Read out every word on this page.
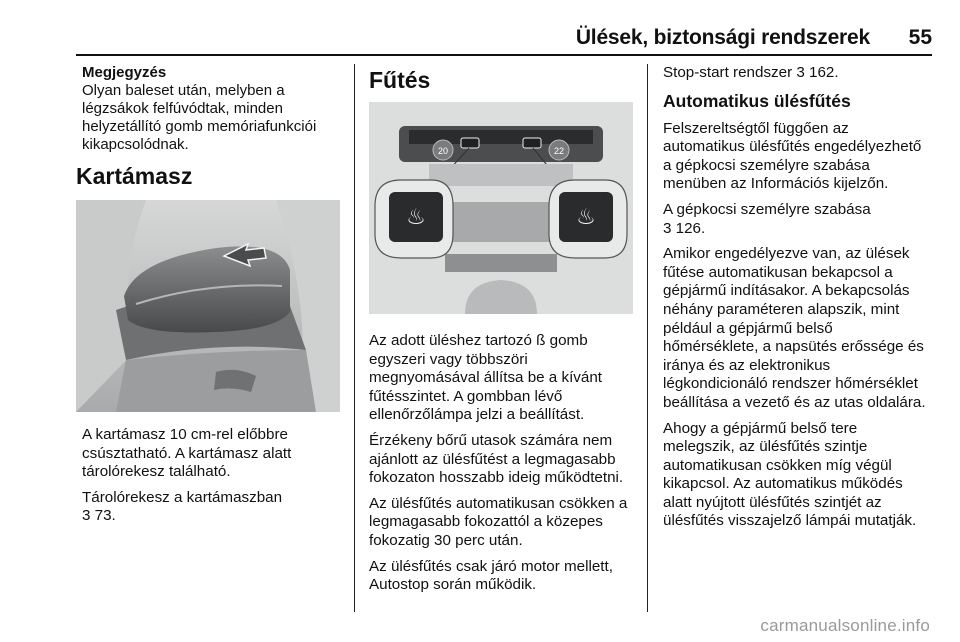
Ülések, biztonsági rendszerek 55
Megjegyzés

Olyan baleset után, melyben a légzsákok felfúvódtak, minden helyzetállító gomb memóriafunkciói kikapcsolódnak.

Kartámasz

A kartámasz 10 cm-rel előbbre csúsztatható. A kartámasz alatt tárolórekesz található.

Tárolórekesz a kartámaszban
3 73.

Fűtés
20	22
♨	♨

Az adott üléshez tartozó ß gomb egyszeri vagy többszöri megnyomásával állítsa be a kívánt fűtésszintet. A gombban lévő ellenőrzőlámpa jelzi a beállítást.

Érzékeny bőrű utasok számára nem ajánlott az ülésfűtést a legmagasabb fokozaton hosszabb ideig működtetni.

Az ülésfűtés automatikusan csökken a legmagasabb fokozattól a közepes fokozatig 30 perc után.

Az ülésfűtés csak járó motor mellett, Autostop során működik.

Stop-start rendszer 3 162.

Automatikus ülésfűtés

Felszereltségtől függően az automatikus ülésfűtés engedélyezhető a gépkocsi személyre szabása menüben az Információs kijelzőn.

A gépkocsi személyre szabása
3 126.

Amikor engedélyezve van, az ülések fűtése automatikusan bekapcsol a gépjármű indításakor. A bekapcsolás néhány paraméteren alapszik, mint például a gépjármű belső hőmérséklete, a napsütés erőssége és iránya és az elektronikus légkondicionáló rendszer hőmérséklet beállítása a vezető és az utas oldalára.

Ahogy a gépjármű belső tere melegszik, az ülésfűtés szintje automatikusan csökken míg végül kikapcsol. Az automatikus működés alatt nyújtott ülésfűtés szintjét az ülésfűtés visszajelző lámpái mutatják.

carmanualsonline.info
